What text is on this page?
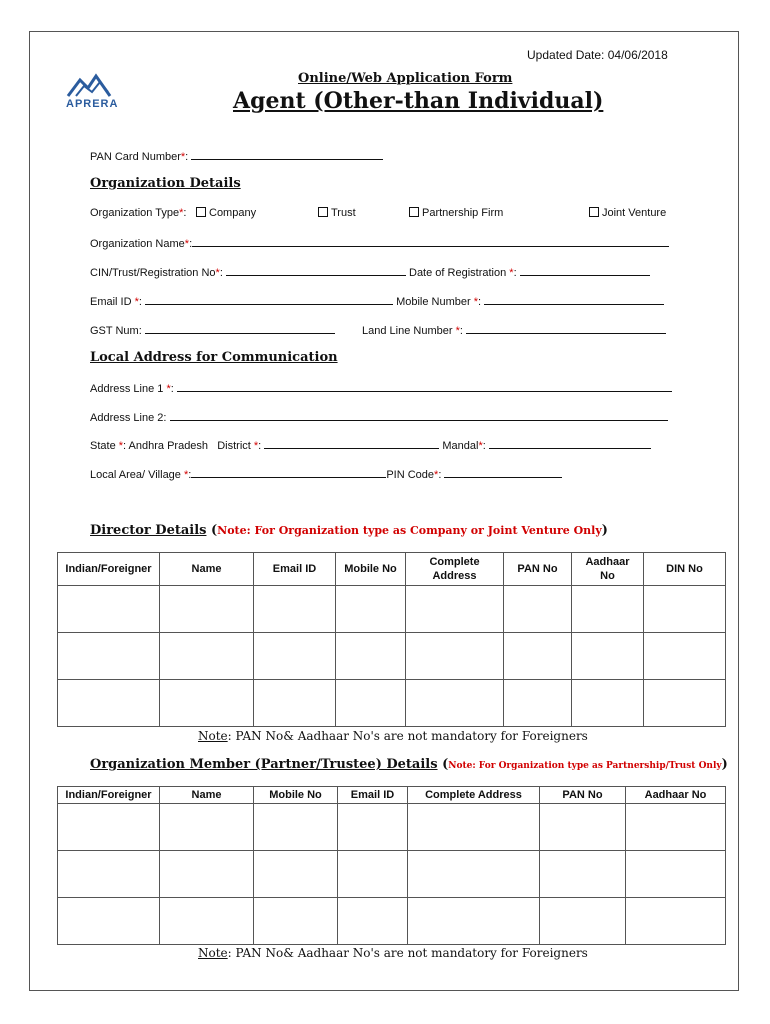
Updated Date: 04/06/2018
APRERA
Online/Web Application Form
Agent (Other-than Individual)
PAN Card Number*:
Organization Details
Organization Type*:	Company	Trust	Partnership Firm	Joint Venture
Organization Name*:
CIN/Trust/Registration No*:	Date of Registration *:
Email ID *:	Mobile Number *:
GST Num:	Land Line Number *:
Local Address for Communication
Address Line 1 *:
Address Line 2:
State *: Andhra Pradesh District *:	Mandal*:
Local Area/ Village *:	PIN Code*:
Director Details (Note: For Organization type as Company or Joint Venture Only)
Indian/Foreigner	Name	Email ID	Mobile No	Complete Address	PAN No	Aadhaar No	DIN No

Note: PAN No& Aadhaar No's are not mandatory for Foreigners
Organization Member (Partner/Trustee) Details (Note: For Organization type as Partnership/Trust Only)
Indian/Foreigner	Name	Mobile No	Email ID	Complete Address	PAN No	Aadhaar No

Note: PAN No& Aadhaar No's are not mandatory for Foreigners
